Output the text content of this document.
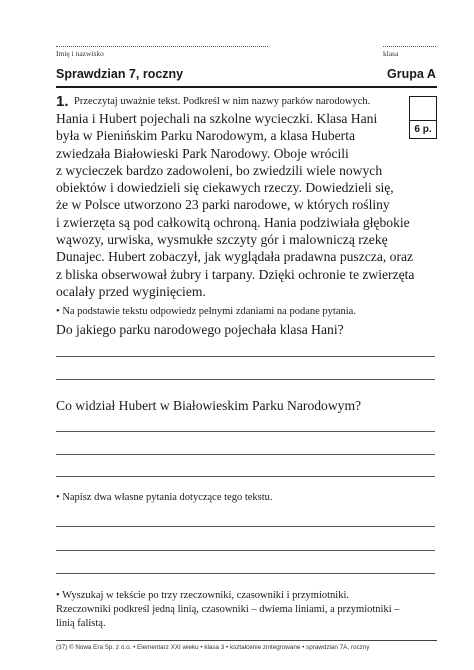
Imię i nazwisko	klasa
Sprawdzian 7, roczny	Grupa A
6 p.
1. Przeczytaj uważnie tekst. Podkreśl w nim nazwy parków narodowych.
Hania i Hubert pojechali na szkolne wycieczki. Klasa Hani
była w Pienińskim Parku Narodowym, a klasa Huberta
zwiedzała Białowieski Park Narodowy. Oboje wrócili
z wycieczek bardzo zadowoleni, bo zwiedzili wiele nowych
obiektów i dowiedzieli się ciekawych rzeczy. Dowiedzieli się,
że w Polsce utworzono 23 parki narodowe, w których rośliny
i zwierzęta są pod całkowitą ochroną. Hania podziwiała głębokie
wąwozy, urwiska, wysmukłe szczyty gór i malowniczą rzekę
Dunajec. Hubert zobaczył, jak wyglądała pradawna puszcza, oraz
z bliska obserwował żubry i tarpany. Dzięki ochronie te zwierzęta
ocalały przed wyginięciem.
• Na podstawie tekstu odpowiedz pełnymi zdaniami na podane pytania.
Do jakiego parku narodowego pojechała klasa Hani?
Co widział Hubert w Białowieskim Parku Narodowym?
• Napisz dwa własne pytania dotyczące tego tekstu.
• Wyszukaj w tekście po trzy rzeczowniki, czasowniki i przymiotniki.
Rzeczowniki podkreśl jedną linią, czasowniki – dwiema liniami, a przymiotniki –
linią falistą.
(37) © Nowa Era Sp. z o.o. • Elementarz XXI wieku • klasa 3 • kształcenie zintegrowane • sprawdzian 7A, roczny
